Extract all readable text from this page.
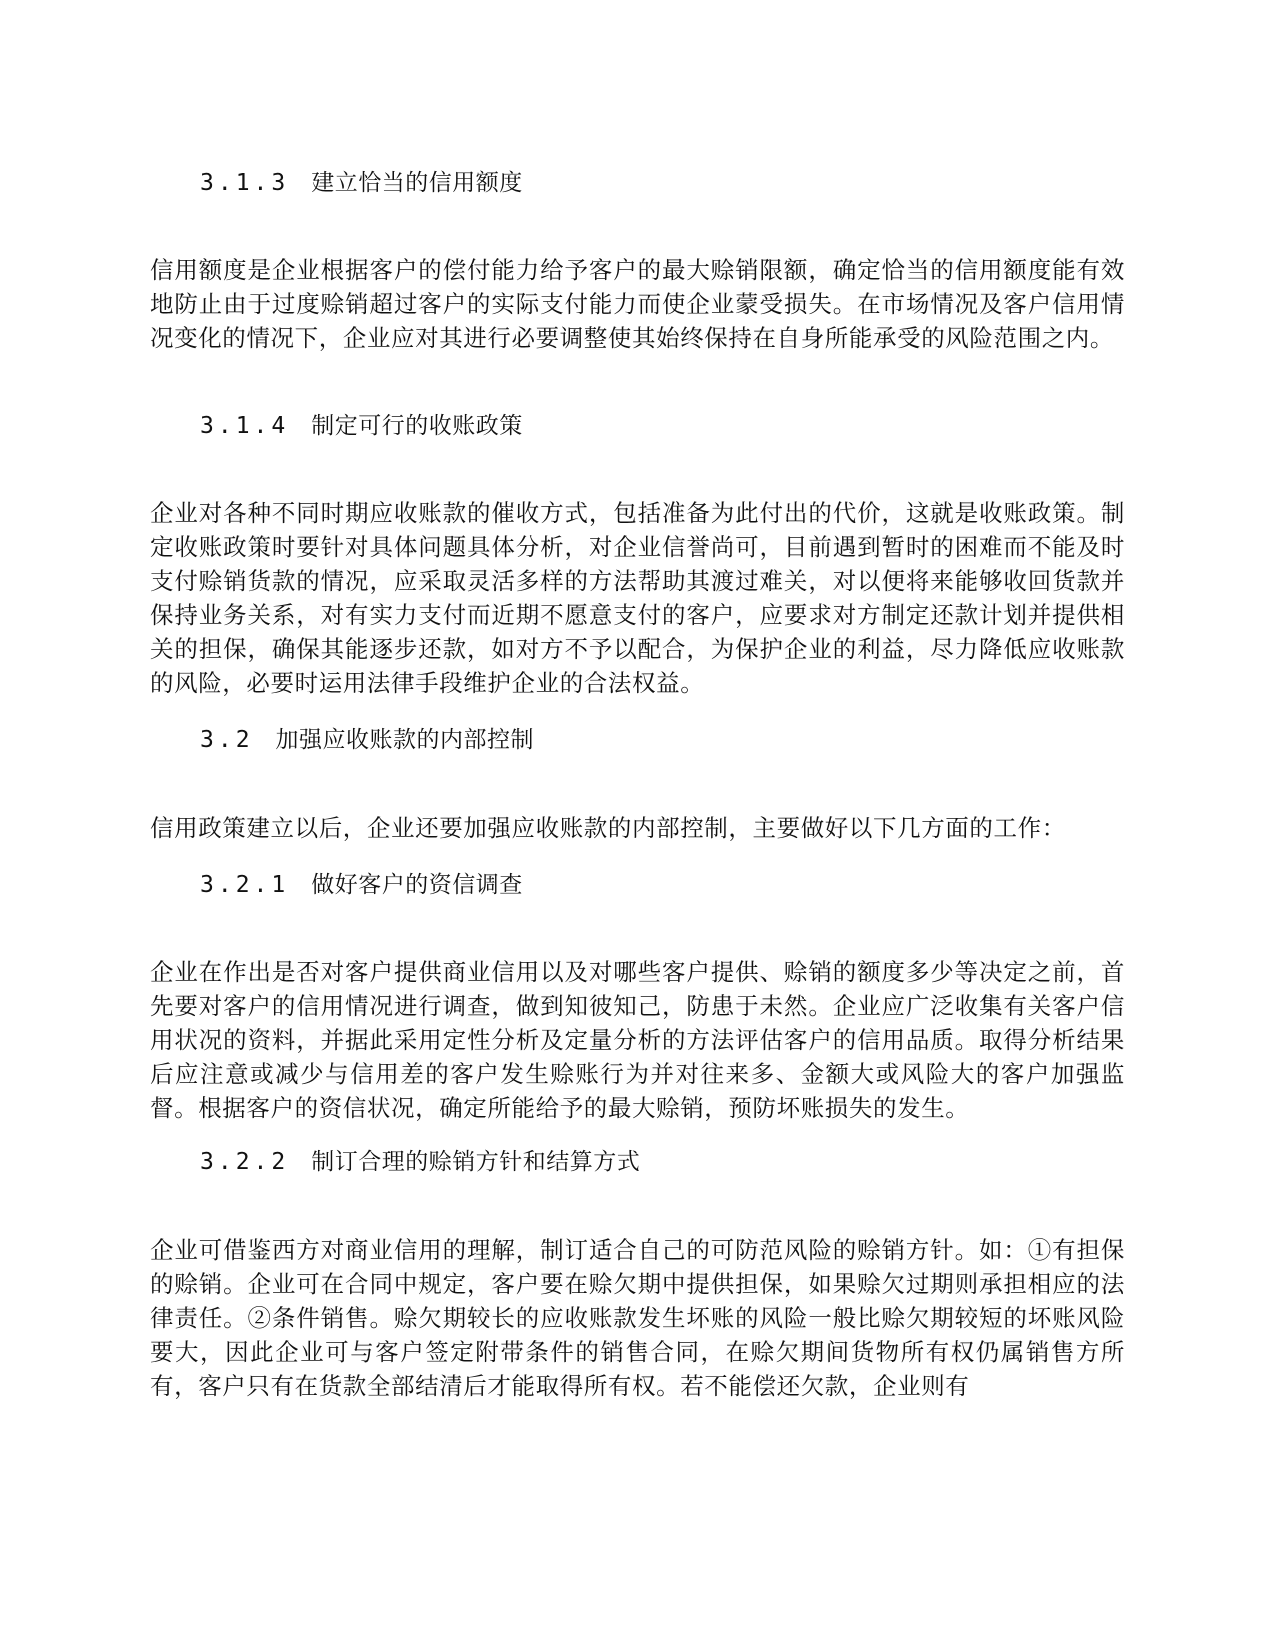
3.1.3 建立恰当的信用额度

信用额度是企业根据客户的偿付能力给予客户的最大赊销限额，确定恰当的信用额度能有效地防止由于过度赊销超过客户的实际支付能力而使企业蒙受损失。在市场情况及客户信用情况变化的情况下，企业应对其进行必要调整使其始终保持在自身所能承受的风险范围之内。

3.1.4 制定可行的收账政策

企业对各种不同时期应收账款的催收方式，包括准备为此付出的代价，这就是收账政策。制定收账政策时要针对具体问题具体分析，对企业信誉尚可，目前遇到暂时的困难而不能及时支付赊销货款的情况，应采取灵活多样的方法帮助其渡过难关，对以便将来能够收回货款并保持业务关系，对有实力支付而近期不愿意支付的客户，应要求对方制定还款计划并提供相关的担保，确保其能逐步还款，如对方不予以配合，为保护企业的利益，尽力降低应收账款的风险，必要时运用法律手段维护企业的合法权益。

3.2 加强应收账款的内部控制

信用政策建立以后，企业还要加强应收账款的内部控制，主要做好以下几方面的工作：

3.2.1 做好客户的资信调查

企业在作出是否对客户提供商业信用以及对哪些客户提供、赊销的额度多少等决定之前，首先要对客户的信用情况进行调查，做到知彼知己，防患于未然。企业应广泛收集有关客户信用状况的资料，并据此采用定性分析及定量分析的方法评估客户的信用品质。取得分析结果后应注意或减少与信用差的客户发生赊账行为并对往来多、金额大或风险大的客户加强监督。根据客户的资信状况，确定所能给予的最大赊销，预防坏账损失的发生。

3.2.2 制订合理的赊销方针和结算方式

企业可借鉴西方对商业信用的理解，制订适合自己的可防范风险的赊销方针。如：①有担保的赊销。企业可在合同中规定，客户要在赊欠期中提供担保，如果赊欠过期则承担相应的法律责任。②条件销售。赊欠期较长的应收账款发生坏账的风险一般比赊欠期较短的坏账风险要大，因此企业可与客户签定附带条件的销售合同，在赊欠期间货物所有权仍属销售方所有，客户只有在货款全部结清后才能取得所有权。若不能偿还欠款，企业则有
